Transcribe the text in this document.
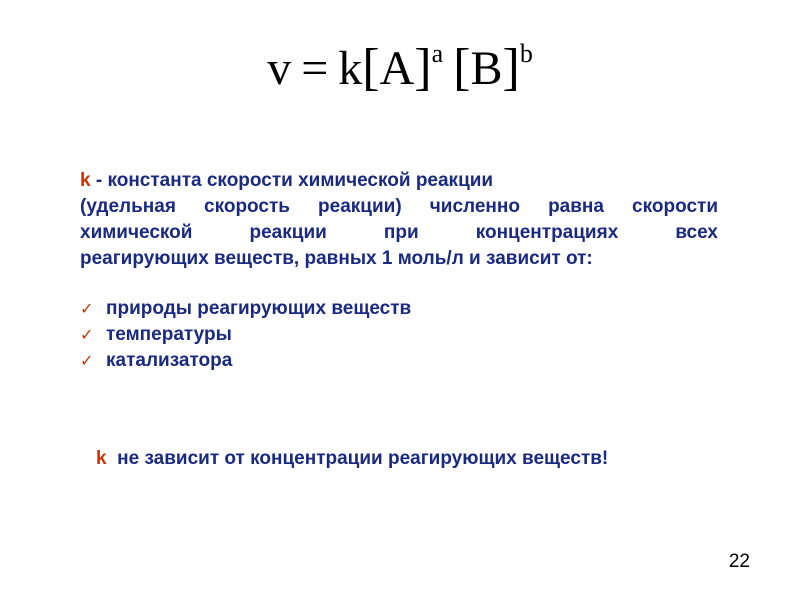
$v = k[A]^a$ $[B]^b$

k - константа скорости химической реакции
(удельная скорость реакции) численно равна скорости
химической реакции при концентрациях всех
реагирующих веществ, равных 1 моль/л и зависит от:

✓ природы реагирующих веществ
✓ температуры
✓ катализатора
k  не зависит от концентрации реагирующих веществ!
22
